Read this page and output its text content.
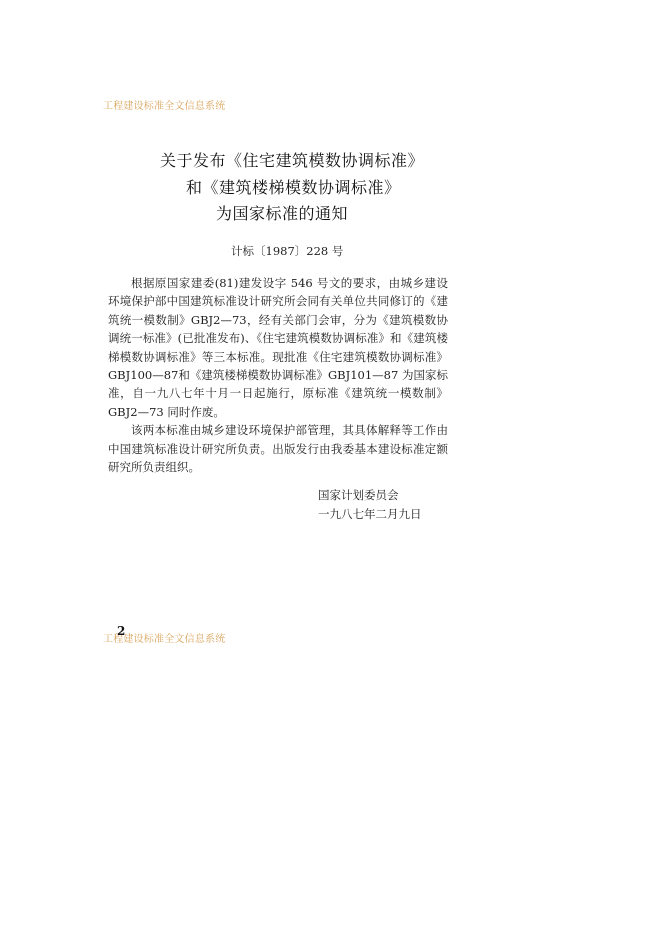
工程建设标准全文信息系统
关于发布《住宅建筑模数协调标准》
和《建筑楼梯模数协调标准》
为国家标准的通知
计标〔1987〕228 号

根据原国家建委(81)建发设字 546 号文的要求，由城乡建设环境保护部中国建筑标准设计研究所会同有关单位共同修订的《建筑统一模数制》GBJ2—73，经有关部门会审，分为《建筑模数协调统一标准》(已批准发布)、《住宅建筑模数协调标准》和《建筑楼梯模数协调标准》等三本标准。现批准《住宅建筑模数协调标准》GBJ100—87和《建筑楼梯模数协调标准》GBJ101—87 为国家标准，自一九八七年十月一日起施行，原标准《建筑统一模数制》GBJ2—73 同时作废。

该两本标准由城乡建设环境保护部管理，其具体解释等工作由中国建筑标准设计研究所负责。出版发行由我委基本建设标准定额研究所负责组织。

国家计划委员会
一九八七年二月九日
工程建设标准全文信息系统
2
